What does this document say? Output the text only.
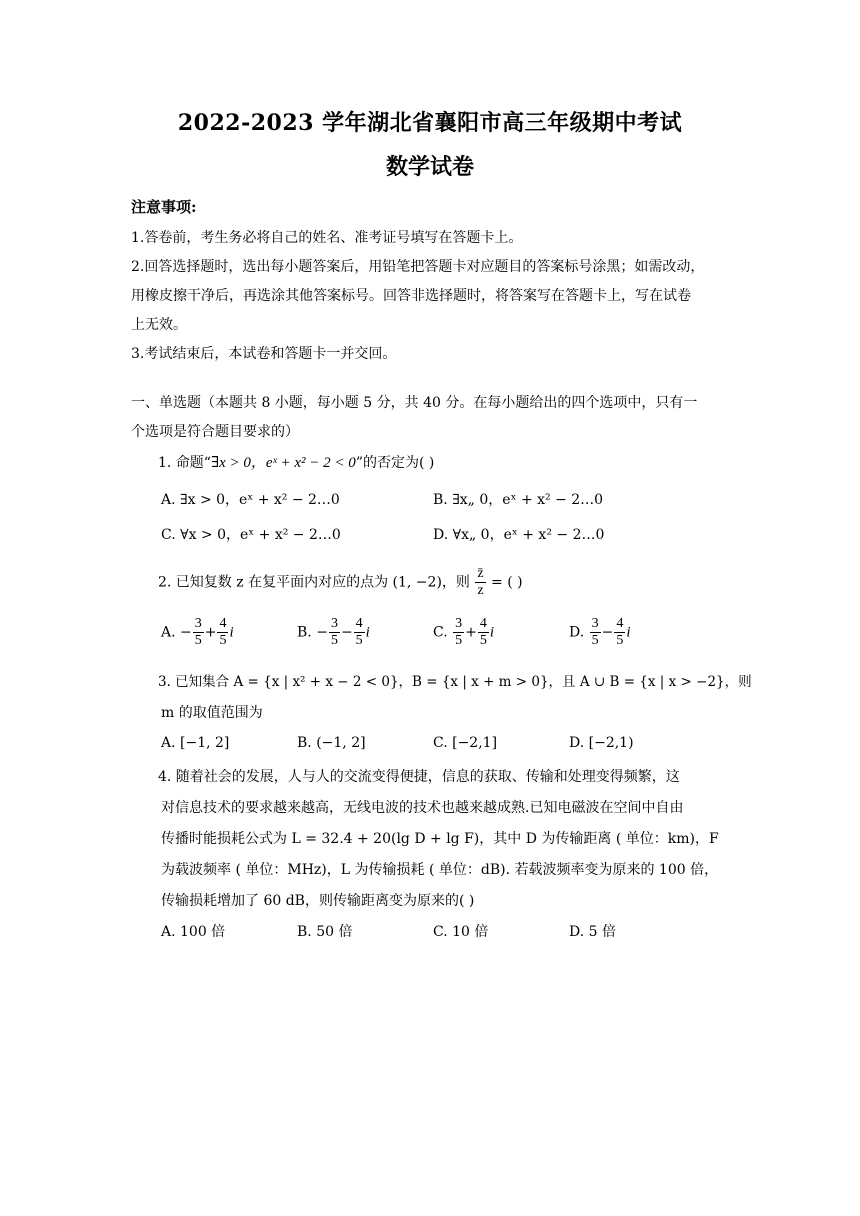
2022-2023 学年湖北省襄阳市高三年级期中考试
数学试卷
注意事项:
1.答卷前，考生务必将自己的姓名、准考证号填写在答题卡上。
2.回答选择题时，选出每小题答案后，用铅笔把答题卡对应题目的答案标号涂黑；如需改动，
用橡皮擦干净后，再选涂其他答案标号。回答非选择题时，将答案写在答题卡上，写在试卷
上无效。
3.考试结束后，本试卷和答题卡一并交回。
一、单选题（本题共 8 小题，每小题 5 分，共 40 分。在每小题给出的四个选项中，只有一
个选项是符合题目要求的）
1. 命题“∃x > 0，eˣ + x² − 2 < 0”的否定为( )
A. ∃x > 0，eˣ + x² − 2…0	B. ∃x„ 0，eˣ + x² − 2…0
C. ∀x > 0，eˣ + x² − 2…0	D. ∀x„ 0，eˣ + x² − 2…0
2. 已知复数 z 在复平面内对应的点为 (1, −2)，则 $\frac{z̄}{z}$ = ( )
A. − $\frac{3}{5} + \frac{4}{5}$ i	B. − $\frac{3}{5} - \frac{4}{5}$ i	C. $\frac{3}{5} + \frac{4}{5}$ i	D. $\frac{3}{5} - \frac{4}{5}$ i
3. 已知集合 A = {x | x² + x − 2 < 0}，B = {x | x + m > 0}，且 A ∪ B = {x | x > −2}，则
m 的取值范围为
A. [−1, 2]	B. (−1, 2]	C. [−2,1]	D. [−2,1)
4. 随着社会的发展，人与人的交流变得便捷，信息的获取、传输和处理变得频繁，这
对信息技术的要求越来越高，无线电波的技术也越来越成熟.已知电磁波在空间中自由
传播时能损耗公式为 L = 32.4 + 20(lg D + lg F)，其中 D 为传输距离 ( 单位：km)，F
为载波频率 ( 单位：MHz)，L 为传输损耗 ( 单位：dB). 若载波频率变为原来的 100 倍，
传输损耗增加了 60 dB，则传输距离变为原来的( )
A. 100 倍	B. 50 倍	C. 10 倍	D. 5 倍
